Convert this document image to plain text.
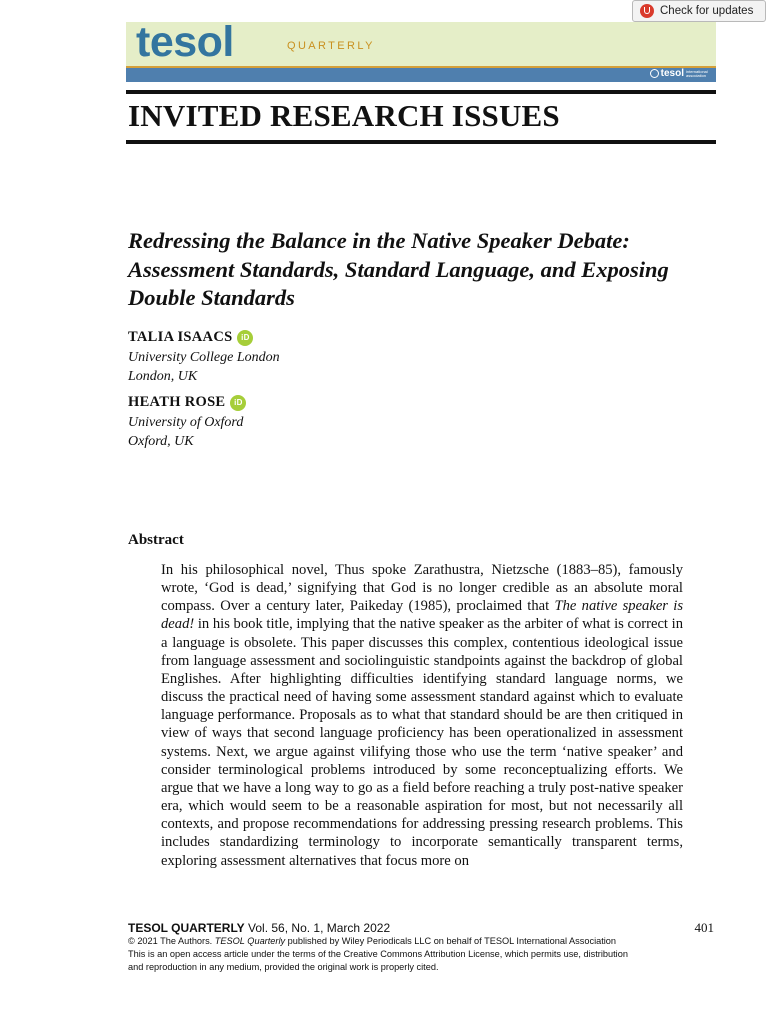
Check for updates
tesol	QUARTERLY
tesol international association
INVITED RESEARCH ISSUES
Redressing the Balance in the Native Speaker Debate: Assessment Standards, Standard Language, and Exposing Double Standards
TALIA ISAACS	iD
University College London
London, UK
HEATH ROSE	iD
University of Oxford
Oxford, UK
Abstract

In his philosophical novel, Thus spoke Zarathustra, Nietzsche (1883–85), famously wrote, ‘God is dead,’ signifying that God is no longer credible as an absolute moral compass. Over a century later, Paikeday (1985), proclaimed that The native speaker is dead! in his book title, implying that the native speaker as the arbiter of what is correct in a language is obsolete. This paper discusses this complex, contentious ideological issue from language assessment and sociolinguistic standpoints against the backdrop of global Englishes. After highlighting difficulties identifying standard language norms, we discuss the practical need of having some assessment standard against which to evaluate language performance. Proposals as to what that standard should be are then critiqued in view of ways that second language proficiency has been operationalized in assessment systems. Next, we argue against vilifying those who use the term ‘native speaker’ and consider terminological problems introduced by some reconceptualizing efforts. We argue that we have a long way to go as a field before reaching a truly post-native speaker era, which would seem to be a reasonable aspiration for most, but not necessarily all contexts, and propose recommendations for addressing pressing research problems. This includes standardizing terminology to incorporate semantically transparent terms, exploring assessment alternatives that focus more on

TESOL QUARTERLY Vol. 56, No. 1, March 2022	401
© 2021 The Authors. TESOL Quarterly published by Wiley Periodicals LLC on behalf of TESOL International Association
This is an open access article under the terms of the Creative Commons Attribution License, which permits use, distribution
and reproduction in any medium, provided the original work is properly cited.
